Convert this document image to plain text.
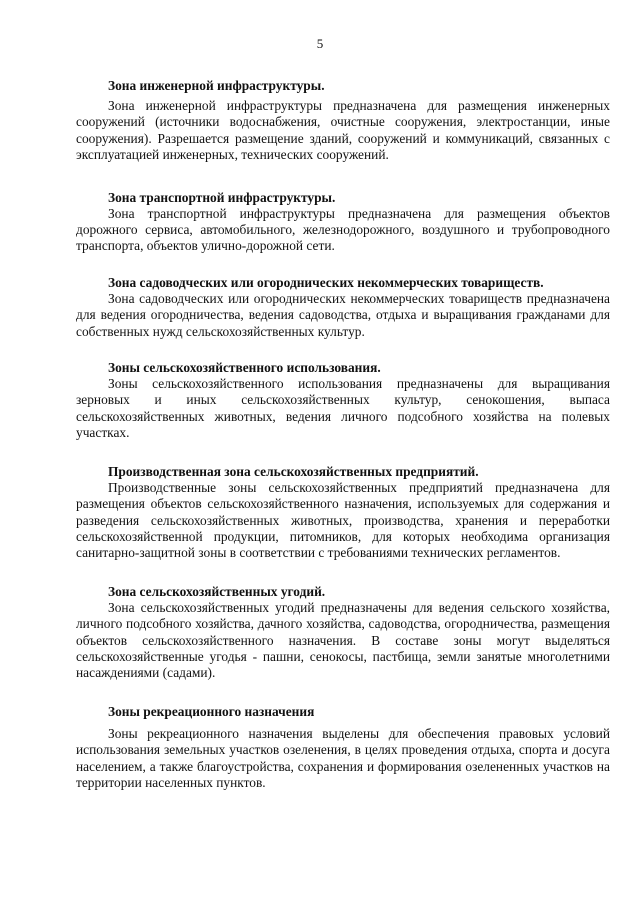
5

Зона инженерной инфраструктуры.

Зона инженерной инфраструктуры предназначена для размещения инженерных сооружений (источники водоснабжения, очистные сооружения, электростанции, иные сооружения). Разрешается размещение зданий, сооружений и коммуникаций, связанных с эксплуатацией инженерных, технических сооружений.

Зона транспортной инфраструктуры.

Зона транспортной инфраструктуры предназначена для размещения объектов дорожного сервиса, автомобильного, железнодорожного, воздушного и трубопроводного транспорта, объектов улично-дорожной сети.

Зона садоводческих или огороднических некоммерческих товариществ.

Зона садоводческих или огороднических некоммерческих товариществ предназначена для ведения огородничества, ведения садоводства, отдыха и выращивания гражданами для собственных нужд сельскохозяйственных культур.

Зоны сельскохозяйственного использования.

Зоны сельскохозяйственного использования предназначены для выращивания зерновых и иных сельскохозяйственных культур, сенокошения, выпаса сельскохозяйственных животных, ведения личного подсобного хозяйства на полевых участках.

Производственная зона сельскохозяйственных предприятий.

Производственные зоны сельскохозяйственных предприятий предназначена для размещения объектов сельскохозяйственного назначения, используемых для содержания и разведения сельскохозяйственных животных, производства, хранения и переработки сельскохозяйственной продукции, питомников, для которых необходима организация санитарно-защитной зоны в соответствии с требованиями технических регламентов.

Зона сельскохозяйственных угодий.

Зона сельскохозяйственных угодий предназначены для ведения сельского хозяйства, личного подсобного хозяйства, дачного хозяйства, садоводства, огородничества, размещения объектов сельскохозяйственного назначения. В составе зоны могут выделяться сельскохозяйственные угодья - пашни, сенокосы, пастбища, земли занятые многолетними насаждениями (садами).

Зоны рекреационного назначения

Зоны рекреационного назначения выделены для обеспечения правовых условий использования земельных участков озеленения, в целях проведения отдыха, спорта и досуга населением, а также благоустройства, сохранения и формирования озелененных участков на территории населенных пунктов.
